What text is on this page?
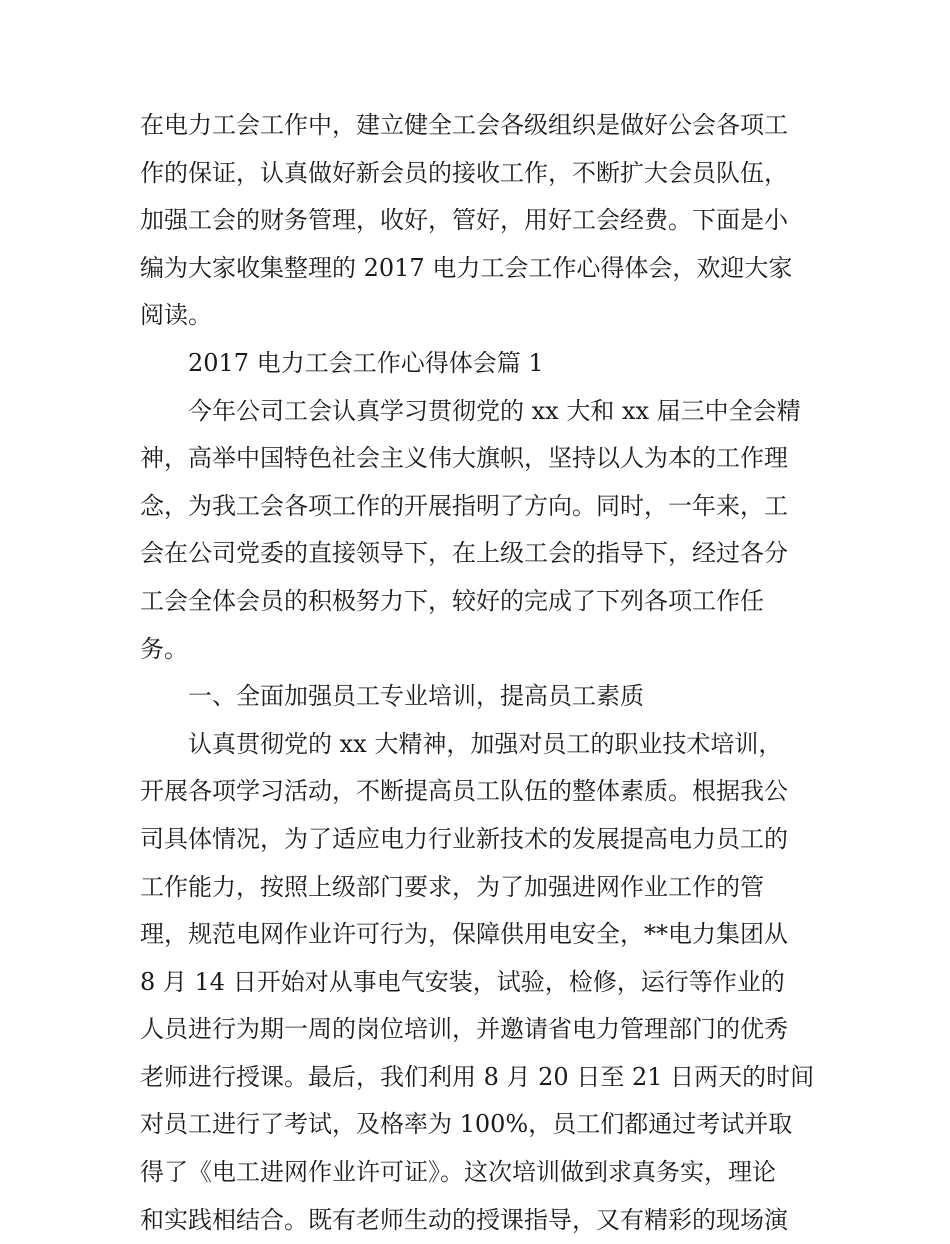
在电力工会工作中，建立健全工会各级组织是做好公会各项工
作的保证，认真做好新会员的接收工作，不断扩大会员队伍，
加强工会的财务管理，收好，管好，用好工会经费。下面是小
编为大家收集整理的 2017 电力工会工作心得体会，欢迎大家
阅读。
2017 电力工会工作心得体会篇 1
今年公司工会认真学习贯彻党的 xx 大和 xx 届三中全会精
神，高举中国特色社会主义伟大旗帜，坚持以人为本的工作理
念，为我工会各项工作的开展指明了方向。同时，一年来，工
会在公司党委的直接领导下，在上级工会的指导下，经过各分
工会全体会员的积极努力下，较好的完成了下列各项工作任
务。
一、全面加强员工专业培训，提高员工素质
认真贯彻党的 xx 大精神，加强对员工的职业技术培训，
开展各项学习活动，不断提高员工队伍的整体素质。根据我公
司具体情况，为了适应电力行业新技术的发展提高电力员工的
工作能力，按照上级部门要求，为了加强进网作业工作的管
理，规范电网作业许可行为，保障供用电安全，**电力集团从
8 月 14 日开始对从事电气安装，试验，检修，运行等作业的
人员进行为期一周的岗位培训，并邀请省电力管理部门的优秀
老师进行授课。最后，我们利用 8 月 20 日至 21 日两天的时间
对员工进行了考试，及格率为 100%，员工们都通过考试并取
得了《电工进网作业许可证》。这次培训做到求真务实，理论
和实践相结合。既有老师生动的授课指导，又有精彩的现场演
